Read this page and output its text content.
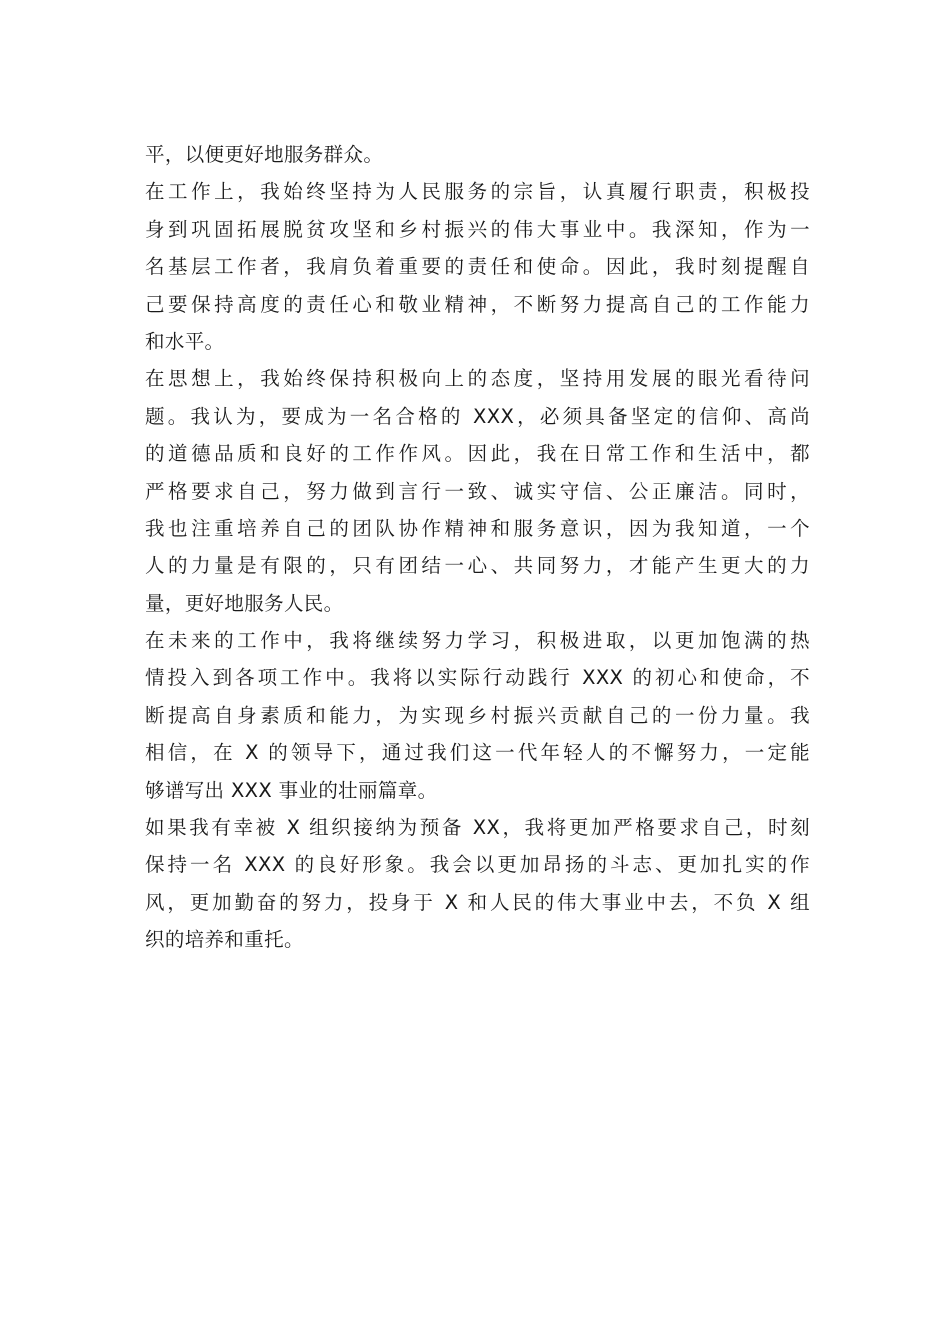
平，以便更好地服务群众。
在工作上，我始终坚持为人民服务的宗旨，认真履行职责，积极投
身到巩固拓展脱贫攻坚和乡村振兴的伟大事业中。我深知，作为一
名基层工作者，我肩负着重要的责任和使命。因此，我时刻提醒自
己要保持高度的责任心和敬业精神，不断努力提高自己的工作能力
和水平。
在思想上，我始终保持积极向上的态度，坚持用发展的眼光看待问
题。我认为，要成为一名合格的 XXX，必须具备坚定的信仰、高尚
的道德品质和良好的工作作风。因此，我在日常工作和生活中，都
严格要求自己，努力做到言行一致、诚实守信、公正廉洁。同时，
我也注重培养自己的团队协作精神和服务意识，因为我知道，一个
人的力量是有限的，只有团结一心、共同努力，才能产生更大的力
量，更好地服务人民。
在未来的工作中，我将继续努力学习，积极进取，以更加饱满的热
情投入到各项工作中。我将以实际行动践行 XXX 的初心和使命，不
断提高自身素质和能力，为实现乡村振兴贡献自己的一份力量。我
相信，在 X 的领导下，通过我们这一代年轻人的不懈努力，一定能
够谱写出 XXX 事业的壮丽篇章。
如果我有幸被 X 组织接纳为预备 XX，我将更加严格要求自己，时刻
保持一名 XXX 的良好形象。我会以更加昂扬的斗志、更加扎实的作
风，更加勤奋的努力，投身于 X 和人民的伟大事业中去，不负 X 组
织的培养和重托。
